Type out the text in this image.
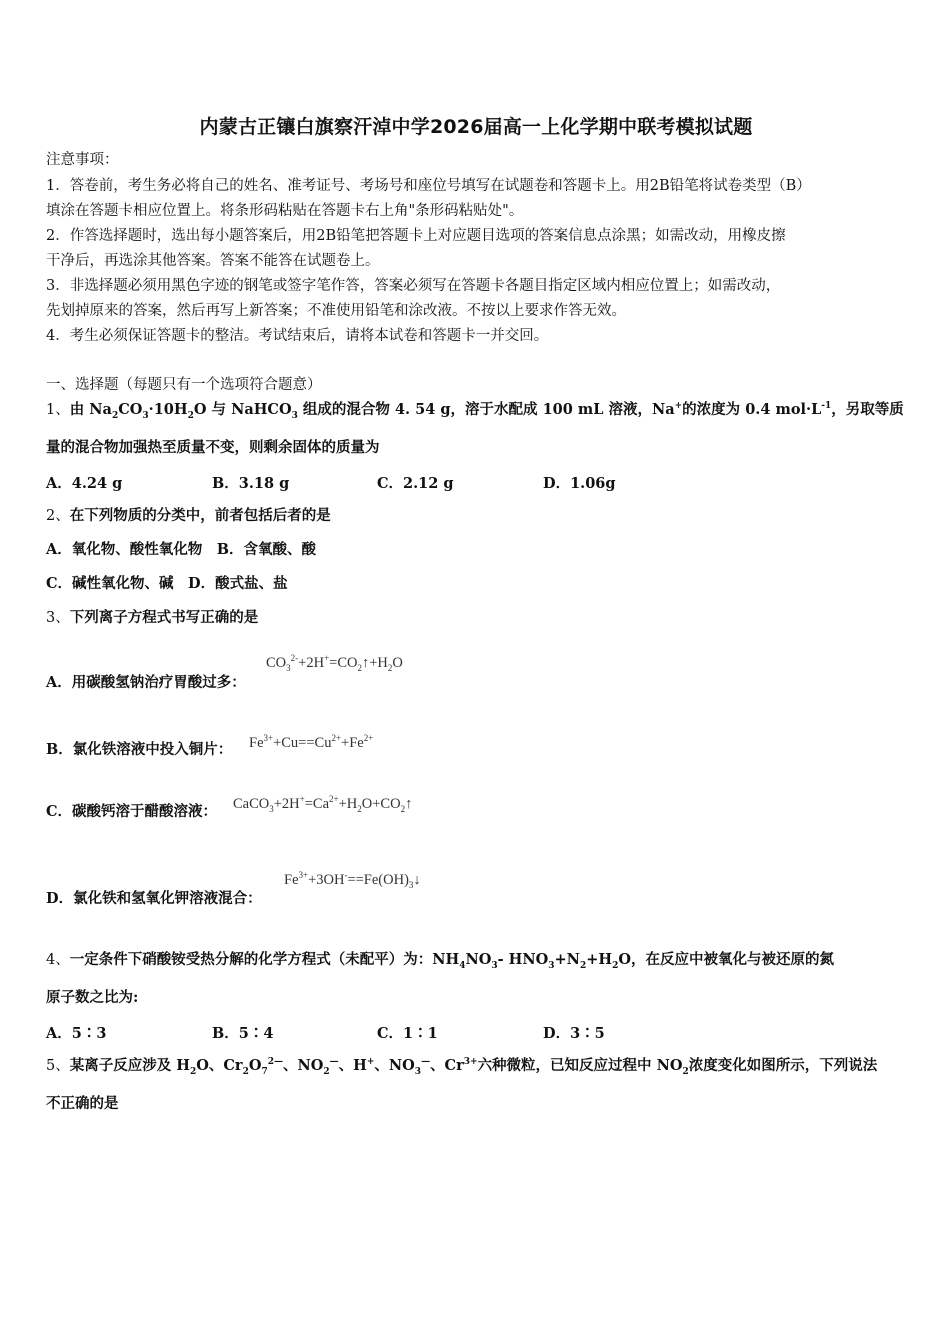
内蒙古正镶白旗察汗淖中学2026届高一上化学期中联考模拟试题
注意事项：
1．答卷前，考生务必将自己的姓名、准考证号、考场号和座位号填写在试题卷和答题卡上。用2B铅笔将试卷类型（B）
填涂在答题卡相应位置上。将条形码粘贴在答题卡右上角"条形码粘贴处"。
2．作答选择题时，选出每小题答案后，用2B铅笔把答题卡上对应题目选项的答案信息点涂黑；如需改动，用橡皮擦
干净后，再选涂其他答案。答案不能答在试题卷上。
3．非选择题必须用黑色字迹的钢笔或签字笔作答，答案必须写在答题卡各题目指定区域内相应位置上；如需改动，
先划掉原来的答案，然后再写上新答案；不准使用铅笔和涂改液。不按以上要求作答无效。
4．考生必须保证答题卡的整洁。考试结束后，请将本试卷和答题卡一并交回。
一、选择题（每题只有一个选项符合题意）
1、由 $Na_2CO_3\cdot 10H_2O$ 与 NaHCO$_3$ 组成的混合物 4. 54 g，溶于水配成 100 mL 溶液，Na+的浓度为 0.4 $mol\cdot L^{-1}$，另取等质
量的混合物加强热至质量不变，则剩余固体的质量为
A．4.24 g	B．3.18 g	C．2.12 g	D．1.06g
2、在下列物质的分类中，前者包括后者的是
A．氧化物、酸性氧化物　B．含氧酸、酸
C．碱性氧化物、碱　D．酸式盐、盐
3、下列离子方程式书写正确的是
A．用碳酸氢钠治疗胃酸过多：
$CO_3^{2-}+2H^+=CO_2↑+H_2O$
B．氯化铁溶液中投入铜片：	$Fe^{3+}+Cu==Cu^{2+}+Fe^{2+}$
C．碳酸钙溶于醋酸溶液：	$CaCO_3+2H^+=Ca^{2+}+H_2O+CO_2↑$
$Fe^{3+}+3OH^-==Fe(OH)_3↓$
D．氯化铁和氢氧化钾溶液混合：
4、一定条件下硝酸铵受热分解的化学方程式（未配平）为：$NH_4NO_3-$ $HNO_3+N_2+H_2O$，在反应中被氧化与被还原的氮
原子数之比为:
A．5∶3	B．5∶4	C．1∶1	D．3∶5
5、某离子反应涉及 $H_2O$、$Cr_2O_7^{2—}$、$NO_2^—$、H+、$NO_3^—$、$Cr^{3+}$六种微粒，已知反应过程中 $NO_2$浓度变化如图所示，下列说法
不正确的是
